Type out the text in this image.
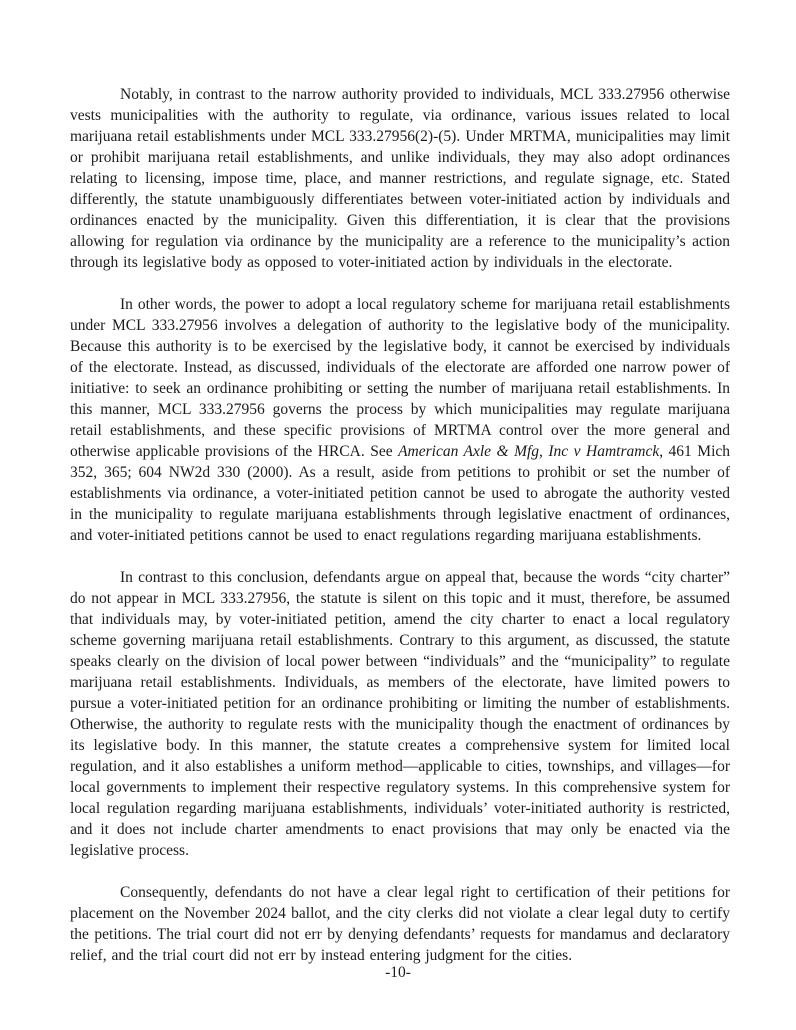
Notably, in contrast to the narrow authority provided to individuals, MCL 333.27956 otherwise vests municipalities with the authority to regulate, via ordinance, various issues related to local marijuana retail establishments under MCL 333.27956(2)-(5). Under MRTMA, municipalities may limit or prohibit marijuana retail establishments, and unlike individuals, they may also adopt ordinances relating to licensing, impose time, place, and manner restrictions, and regulate signage, etc. Stated differently, the statute unambiguously differentiates between voter-initiated action by individuals and ordinances enacted by the municipality. Given this differentiation, it is clear that the provisions allowing for regulation via ordinance by the municipality are a reference to the municipality’s action through its legislative body as opposed to voter-initiated action by individuals in the electorate.

In other words, the power to adopt a local regulatory scheme for marijuana retail establishments under MCL 333.27956 involves a delegation of authority to the legislative body of the municipality. Because this authority is to be exercised by the legislative body, it cannot be exercised by individuals of the electorate. Instead, as discussed, individuals of the electorate are afforded one narrow power of initiative: to seek an ordinance prohibiting or setting the number of marijuana retail establishments. In this manner, MCL 333.27956 governs the process by which municipalities may regulate marijuana retail establishments, and these specific provisions of MRTMA control over the more general and otherwise applicable provisions of the HRCA. See American Axle & Mfg, Inc v Hamtramck, 461 Mich 352, 365; 604 NW2d 330 (2000). As a result, aside from petitions to prohibit or set the number of establishments via ordinance, a voter-initiated petition cannot be used to abrogate the authority vested in the municipality to regulate marijuana establishments through legislative enactment of ordinances, and voter-initiated petitions cannot be used to enact regulations regarding marijuana establishments.

In contrast to this conclusion, defendants argue on appeal that, because the words “city charter” do not appear in MCL 333.27956, the statute is silent on this topic and it must, therefore, be assumed that individuals may, by voter-initiated petition, amend the city charter to enact a local regulatory scheme governing marijuana retail establishments. Contrary to this argument, as discussed, the statute speaks clearly on the division of local power between “individuals” and the “municipality” to regulate marijuana retail establishments. Individuals, as members of the electorate, have limited powers to pursue a voter-initiated petition for an ordinance prohibiting or limiting the number of establishments. Otherwise, the authority to regulate rests with the municipality though the enactment of ordinances by its legislative body. In this manner, the statute creates a comprehensive system for limited local regulation, and it also establishes a uniform method—applicable to cities, townships, and villages—for local governments to implement their respective regulatory systems. In this comprehensive system for local regulation regarding marijuana establishments, individuals’ voter-initiated authority is restricted, and it does not include charter amendments to enact provisions that may only be enacted via the legislative process.

Consequently, defendants do not have a clear legal right to certification of their petitions for placement on the November 2024 ballot, and the city clerks did not violate a clear legal duty to certify the petitions. The trial court did not err by denying defendants’ requests for mandamus and declaratory relief, and the trial court did not err by instead entering judgment for the cities.

-10-
